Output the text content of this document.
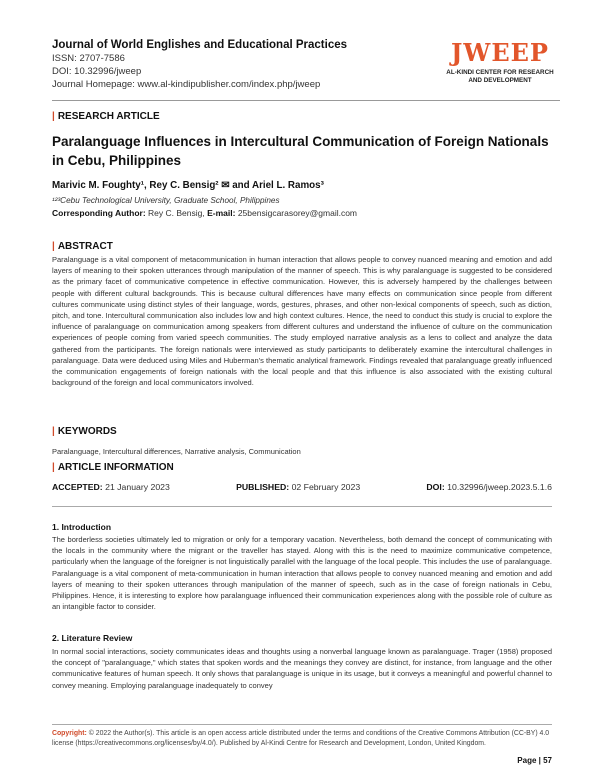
Journal of World Englishes and Educational Practices
ISSN: 2707-7586
DOI: 10.32996/jweep
Journal Homepage: www.al-kindipublisher.com/index.php/jweep
JWEEP
AL-KINDI CENTER FOR RESEARCH AND DEVELOPMENT
| RESEARCH ARTICLE
Paralanguage Influences in Intercultural Communication of Foreign Nationals in Cebu, Philippines
Marivic M. Foughty¹, Rey C. Bensig² ✉ and Ariel L. Ramos³
¹²³Cebu Technological University, Graduate School, Philippines
Corresponding Author: Rey C. Bensig, E-mail: 25bensigcarasorey@gmail.com
| ABSTRACT
Paralanguage is a vital component of metacommunication in human interaction that allows people to convey nuanced meaning and emotion and add layers of meaning to their spoken utterances through manipulation of the manner of speech. This is why paralanguage is suggested to be considered as the primary facet of communicative competence in effective communication. However, this is adversely hampered by the challenges between people with different cultural backgrounds. This is because cultural differences have many effects on communication since people from different cultures communicate using distinct styles of their language, words, gestures, phrases, and other non-lexical components of speech, such as diction, pitch, and tone. Intercultural communication also includes low and high context cultures. Hence, the need to conduct this study is crucial to explore the influence of paralanguage on communication among speakers from different cultures and understand the influence of culture on the communication experiences of people coming from varied speech communities. The study employed narrative analysis as a lens to collect and analyze the data gathered from the participants. The foreign nationals were interviewed as study participants to deliberately examine the intercultural challenges in paralanguage. Data were deduced using Miles and Huberman's thematic analytical framework. Findings revealed that paralanguage greatly influenced the communication engagements of foreign nationals with the local people and that this influence is also associated with the existing cultural background of the foreign and local communicators involved.
| KEYWORDS
Paralanguage, Intercultural differences, Narrative analysis, Communication
| ARTICLE INFORMATION
ACCEPTED: 21 January 2023	PUBLISHED: 02 February 2023	DOI: 10.32996/jweep.2023.5.1.6
1. Introduction
The borderless societies ultimately led to migration or only for a temporary vacation. Nevertheless, both demand the concept of communicating with the locals in the community where the migrant or the traveller has stayed. Along with this is the need to maximize communicative competence, particularly when the language of the foreigner is not linguistically parallel with the language of the local people. This includes the use of paralanguage. Paralanguage is a vital component of meta-communication in human interaction that allows people to convey nuanced meaning and emotion and add layers of meaning to their spoken utterances through manipulation of the manner of speech, such as in the case of foreign nationals in Cebu, Philippines. Hence, it is interesting to explore how paralanguage influenced their communication experiences along with the possible role of culture as an intangible factor to consider.
2. Literature Review
In normal social interactions, society communicates ideas and thoughts using a nonverbal language known as paralanguage. Trager (1958) proposed the concept of "paralanguage," which states that spoken words and the meanings they convey are distinct, for instance, from language and the other communicative features of human speech. It only shows that paralanguage is unique in its usage, but it conveys a meaningful and powerful channel to convey meaning. Employing paralanguage inadequately to convey
Copyright: © 2022 the Author(s). This article is an open access article distributed under the terms and conditions of the Creative Commons Attribution (CC-BY) 4.0 license (https://creativecommons.org/licenses/by/4.0/). Published by Al-Kindi Centre for Research and Development, London, United Kingdom.
Page | 57
